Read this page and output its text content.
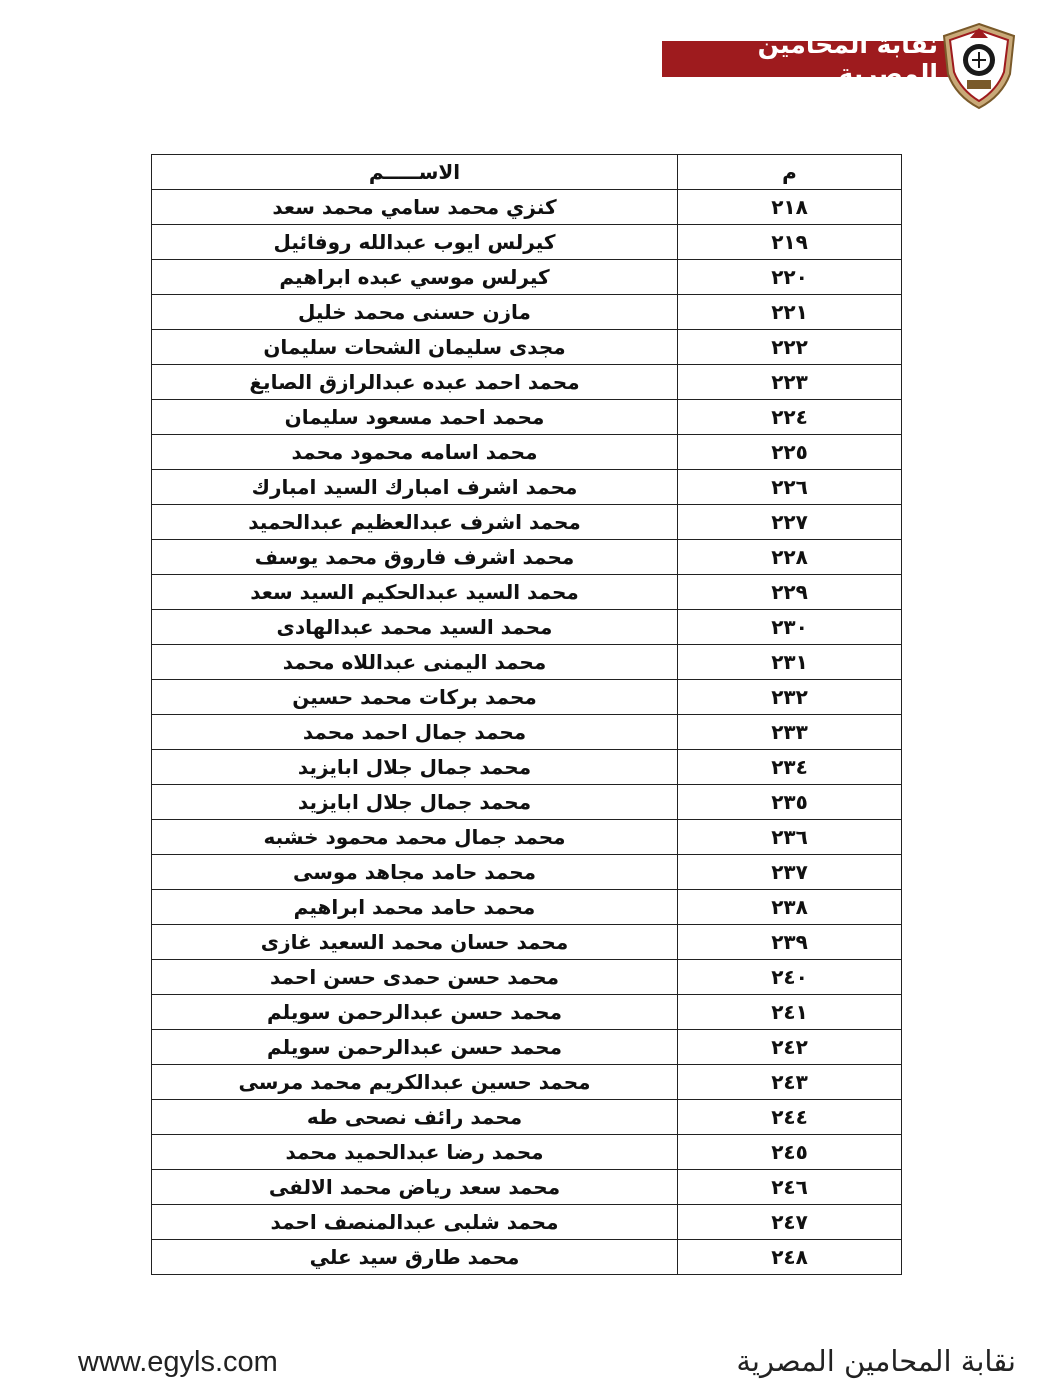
نقابة المحامين المصرية
م	الاســـــم
٢١٨	كنزي محمد سامي محمد سعد
٢١٩	كيرلس ايوب عبدالله روفائيل
٢٢٠	كيرلس موسي عبده ابراهيم
٢٢١	مازن حسنى محمد خليل
٢٢٢	مجدى سليمان الشحات سليمان
٢٢٣	محمد احمد عبده عبدالرازق الصايغ
٢٢٤	محمد احمد مسعود سليمان
٢٢٥	محمد اسامه محمود محمد
٢٢٦	محمد اشرف امبارك السيد امبارك
٢٢٧	محمد اشرف عبدالعظيم عبدالحميد
٢٢٨	محمد اشرف فاروق محمد يوسف
٢٢٩	محمد السيد عبدالحكيم السيد سعد
٢٣٠	محمد السيد محمد عبدالهادى
٢٣١	محمد اليمنى عبداللاه محمد
٢٣٢	محمد بركات محمد حسين
٢٣٣	محمد جمال احمد محمد
٢٣٤	محمد جمال جلال ابايزيد
٢٣٥	محمد جمال جلال ابايزيد
٢٣٦	محمد جمال محمد محمود خشبه
٢٣٧	محمد حامد مجاهد موسى
٢٣٨	محمد حامد محمد ابراهيم
٢٣٩	محمد حسان محمد السعيد غازى
٢٤٠	محمد حسن حمدى حسن احمد
٢٤١	محمد حسن عبدالرحمن سويلم
٢٤٢	محمد حسن عبدالرحمن سويلم
٢٤٣	محمد حسين عبدالكريم محمد مرسى
٢٤٤	محمد رائف نصحى طه
٢٤٥	محمد رضا عبدالحميد محمد
٢٤٦	محمد سعد رياض محمد الالفى
٢٤٧	محمد شلبى عبدالمنصف احمد
٢٤٨	محمد طارق سيد علي
www.egyls.com	نقابة المحامين المصرية
